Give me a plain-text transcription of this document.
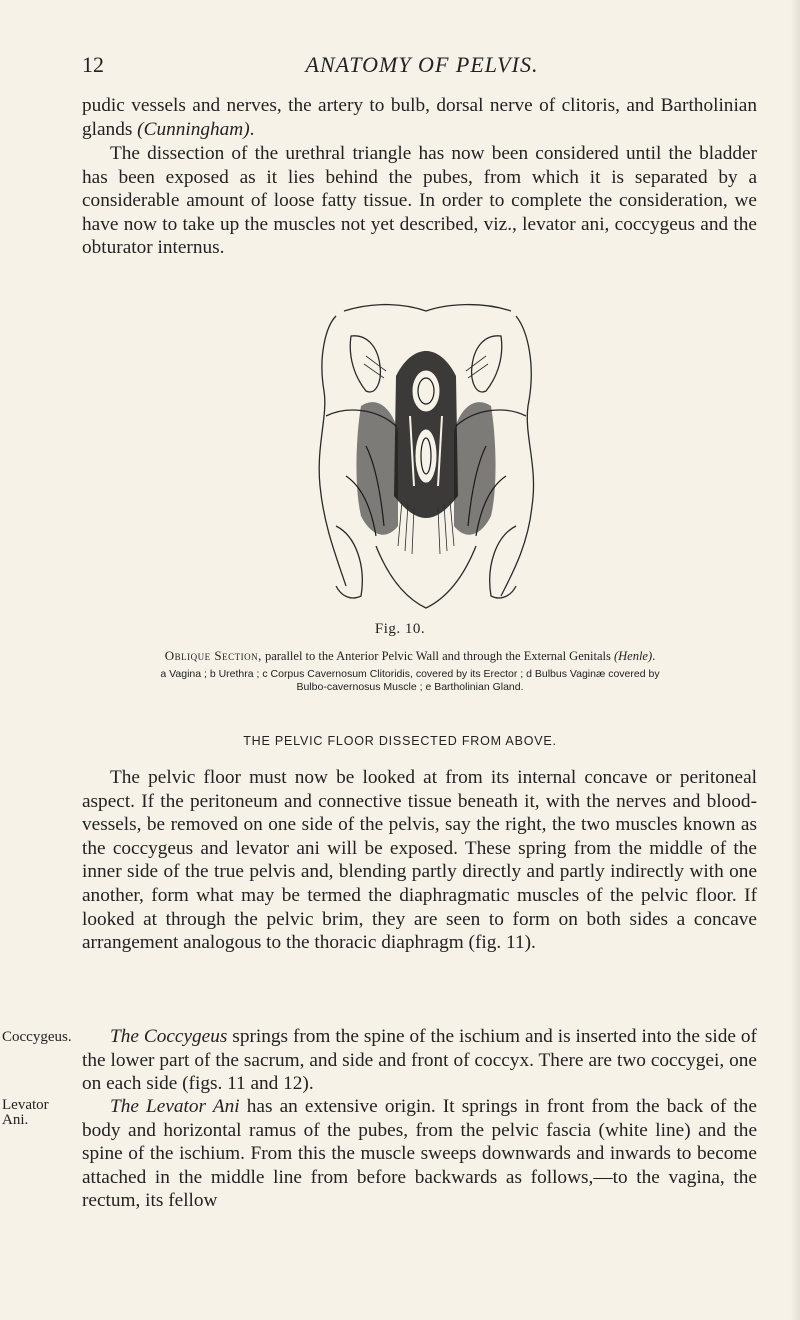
12	ANATOMY OF PELVIS.

pudic vessels and nerves, the artery to bulb, dorsal nerve of clitoris, and Bartholinian glands (Cunningham).

The dissection of the urethral triangle has now been considered until the bladder has been exposed as it lies behind the pubes, from which it is separated by a considerable amount of loose fatty tissue. In order to complete the consideration, we have now to take up the muscles not yet described, viz., levator ani, coccygeus and the obturator internus.

Fig. 10.
Oblique Section, parallel to the Anterior Pelvic Wall and through the External Genitals (Henle).
a Vagina ; b Urethra ; c Corpus Cavernosum Clitoridis, covered by its Erector ; d Bulbus Vaginæ covered by Bulbo-cavernosus Muscle ; e Bartholinian Gland.
THE PELVIC FLOOR DISSECTED FROM ABOVE.

The pelvic floor must now be looked at from its internal concave or peritoneal aspect. If the peritoneum and connective tissue beneath it, with the nerves and blood-vessels, be removed on one side of the pelvis, say the right, the two muscles known as the coccygeus and levator ani will be exposed. These spring from the middle of the inner side of the true pelvis and, blending partly directly and partly indirectly with one another, form what may be termed the diaphragmatic muscles of the pelvic floor. If looked at through the pelvic brim, they are seen to form on both sides a concave arrangement analogous to the thoracic diaphragm (fig. 11).

Coccygeus.	The Coccygeus springs from the spine of the ischium and is inserted into the side of the lower part of the sacrum, and side and front of coccyx. There are two coccygei, one on each side (figs. 11 and 12).

Levator Ani.

The Levator Ani has an extensive origin. It springs in front from the back of the body and horizontal ramus of the pubes, from the pelvic fascia (white line) and the spine of the ischium. From this the muscle sweeps downwards and inwards to become attached in the middle line from before backwards as follows,—to the vagina, the rectum, its fellow
